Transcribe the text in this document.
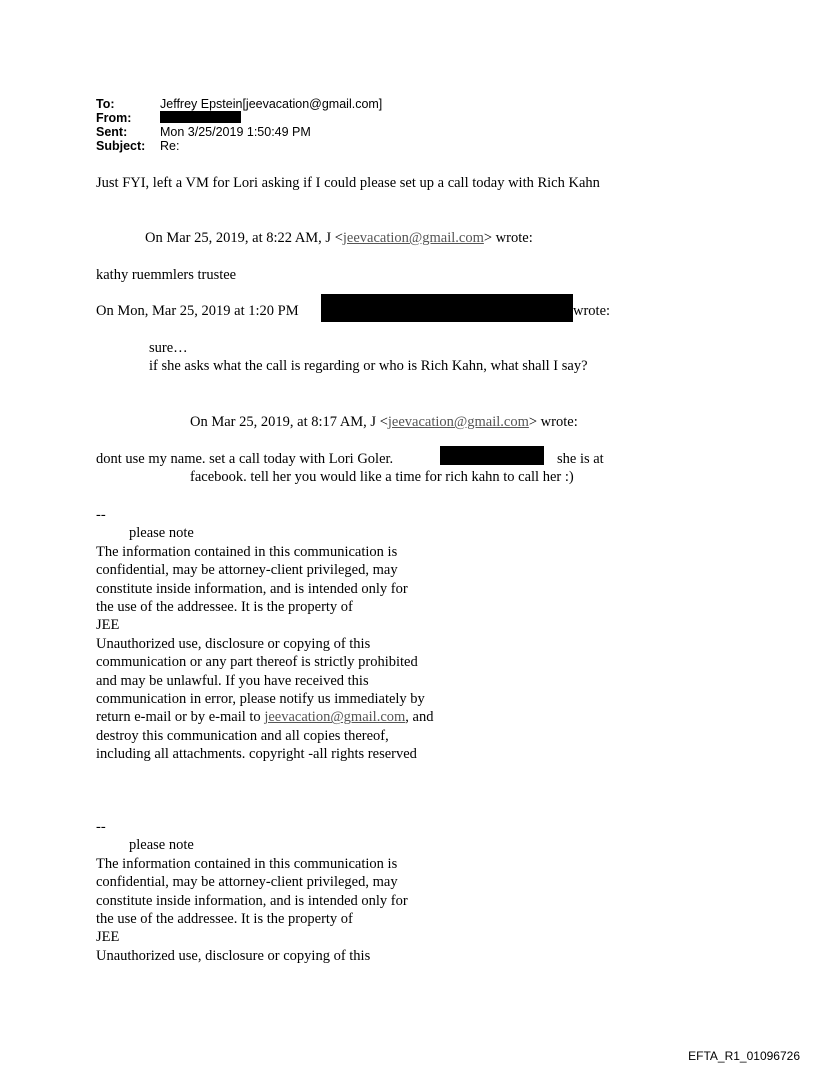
To:	Jeffrey Epstein[jeevacation@gmail.com]
From:
Sent:	Mon 3/25/2019 1:50:49 PM
Subject: Re:
Just FYI, left a VM for Lori asking if I could please set up a call today with Rich Kahn
On Mar 25, 2019, at 8:22 AM, J <jeevacation@gmail.com> wrote:
kathy ruemmlers trustee
On Mon, Mar 25, 2019 at 1:20 PM	wrote:
sure…
if she asks what the call is regarding or who is Rich Kahn, what shall I say?
On Mar 25, 2019, at 8:17 AM, J <jeevacation@gmail.com> wrote:
dont use my name. set a call today with Lori Goler.	she is at
facebook. tell her you would like a time for rich kahn to call her :)
--
please note
The information contained in this communication is
confidential, may be attorney-client privileged, may
constitute inside information, and is intended only for
the use of the addressee. It is the property of
JEE
Unauthorized use, disclosure or copying of this
communication or any part thereof is strictly prohibited
and may be unlawful. If you have received this
communication in error, please notify us immediately by
return e-mail or by e-mail to jeevacation@gmail.com, and
destroy this communication and all copies thereof,
including all attachments. copyright -all rights reserved
--
please note
The information contained in this communication is
confidential, may be attorney-client privileged, may
constitute inside information, and is intended only for
the use of the addressee. It is the property of
JEE
Unauthorized use, disclosure or copying of this
EFTA_R1_01096726
